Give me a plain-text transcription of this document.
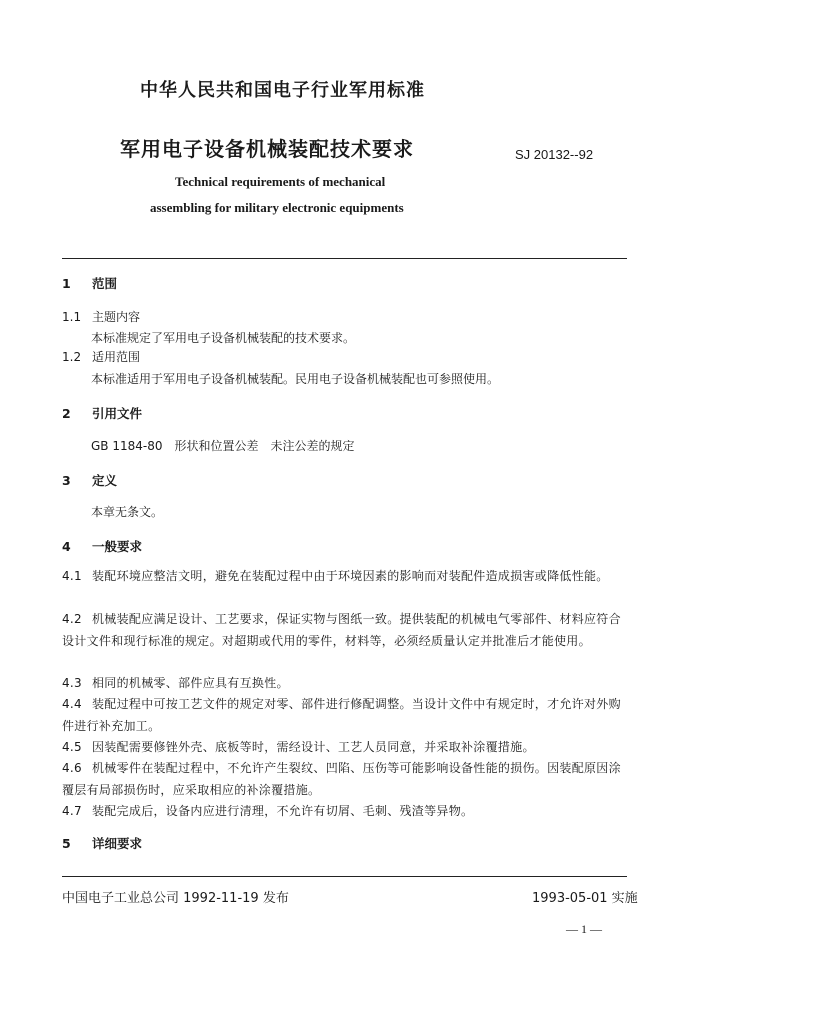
中华人民共和国电子行业军用标准
军用电子设备机械装配技术要求	SJ 20132--92
Technical requirements of mechanical
assembling for military electronic equipments
1 范围
1.1 主题内容
本标准规定了军用电子设备机械装配的技术要求。
1.2 适用范围
本标准适用于军用电子设备机械装配。民用电子设备机械装配也可参照使用。
2 引用文件
GB 1184-80　形状和位置公差　未注公差的规定
3 定义
本章无条文。
4 一般要求
4.1 装配环境应整洁文明，避免在装配过程中由于环境因素的影响而对装配件造成损害或降低性能。
4.2 机械装配应满足设计、工艺要求，保证实物与图纸一致。提供装配的机械电气零部件、材料应符合设计文件和现行标准的规定。对超期或代用的零件，材料等，必须经质量认定并批准后才能使用。
4.3 相同的机械零、部件应具有互换性。
4.4 装配过程中可按工艺文件的规定对零、部件进行修配调整。当设计文件中有规定时，才允许对外购件进行补充加工。
4.5 因装配需要修锉外壳、底板等时，需经设计、工艺人员同意，并采取补涂覆措施。
4.6 机械零件在装配过程中，不允许产生裂纹、凹陷、压伤等可能影响设备性能的损伤。因装配原因涂覆层有局部损伤时，应采取相应的补涂覆措施。
4.7 装配完成后，设备内应进行清理，不允许有切屑、毛刺、残渣等异物。
5 详细要求
中国电子工业总公司 1992-11-19 发布	1993-05-01 实施
— 1 —
